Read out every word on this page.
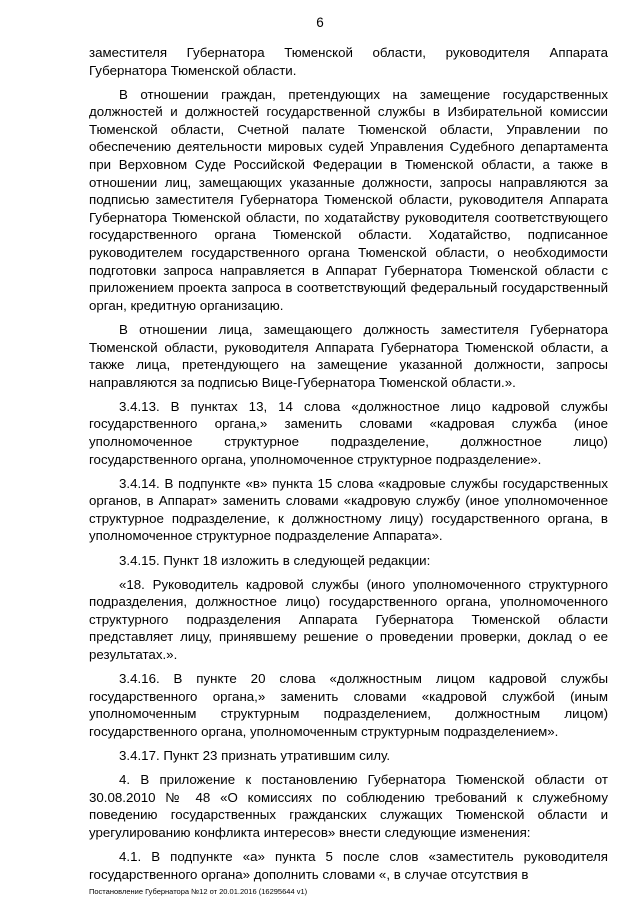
6

заместителя Губернатора Тюменской области, руководителя Аппарата Губернатора Тюменской области.

В отношении граждан, претендующих на замещение государственных должностей и должностей государственной службы в Избирательной комиссии Тюменской области, Счетной палате Тюменской области, Управлении по обеспечению деятельности мировых судей Управления Судебного департамента при Верховном Суде Российской Федерации в Тюменской области, а также в отношении лиц, замещающих указанные должности, запросы направляются за подписью заместителя Губернатора Тюменской области, руководителя Аппарата Губернатора Тюменской области, по ходатайству руководителя соответствующего государственного органа Тюменской области. Ходатайство, подписанное руководителем государственного органа Тюменской области, о необходимости подготовки запроса направляется в Аппарат Губернатора Тюменской области с приложением проекта запроса в соответствующий федеральный государственный орган, кредитную организацию.

В отношении лица, замещающего должность заместителя Губернатора Тюменской области, руководителя Аппарата Губернатора Тюменской области, а также лица, претендующего на замещение указанной должности, запросы направляются за подписью Вице-Губернатора Тюменской области.».

3.4.13. В пунктах 13, 14 слова «должностное лицо кадровой службы государственного органа,» заменить словами «кадровая служба (иное уполномоченное структурное подразделение, должностное лицо) государственного органа, уполномоченное структурное подразделение».

3.4.14. В подпункте «в» пункта 15 слова «кадровые службы государственных органов, в Аппарат» заменить словами «кадровую службу (иное уполномоченное структурное подразделение, к должностному лицу) государственного органа, в уполномоченное структурное подразделение Аппарата».

3.4.15. Пункт 18 изложить в следующей редакции:

«18. Руководитель кадровой службы (иного уполномоченного структурного подразделения, должностное лицо) государственного органа, уполномоченного структурного подразделения Аппарата Губернатора Тюменской области представляет лицу, принявшему решение о проведении проверки, доклад о ее результатах.».

3.4.16. В пункте 20 слова «должностным лицом кадровой службы государственного органа,» заменить словами «кадровой службой (иным уполномоченным структурным подразделением, должностным лицом) государственного органа, уполномоченным структурным подразделением».

3.4.17. Пункт 23 признать утратившим силу.

4. В приложение к постановлению Губернатора Тюменской области от 30.08.2010 № 48 «О комиссиях по соблюдению требований к служебному поведению государственных гражданских служащих Тюменской области и урегулированию конфликта интересов» внести следующие изменения:

4.1. В подпункте «а» пункта 5 после слов «заместитель руководителя государственного органа» дополнить словами «, в случае отсутствия в

Постановление Губернатора №12 от 20.01.2016 (16295644 v1)
